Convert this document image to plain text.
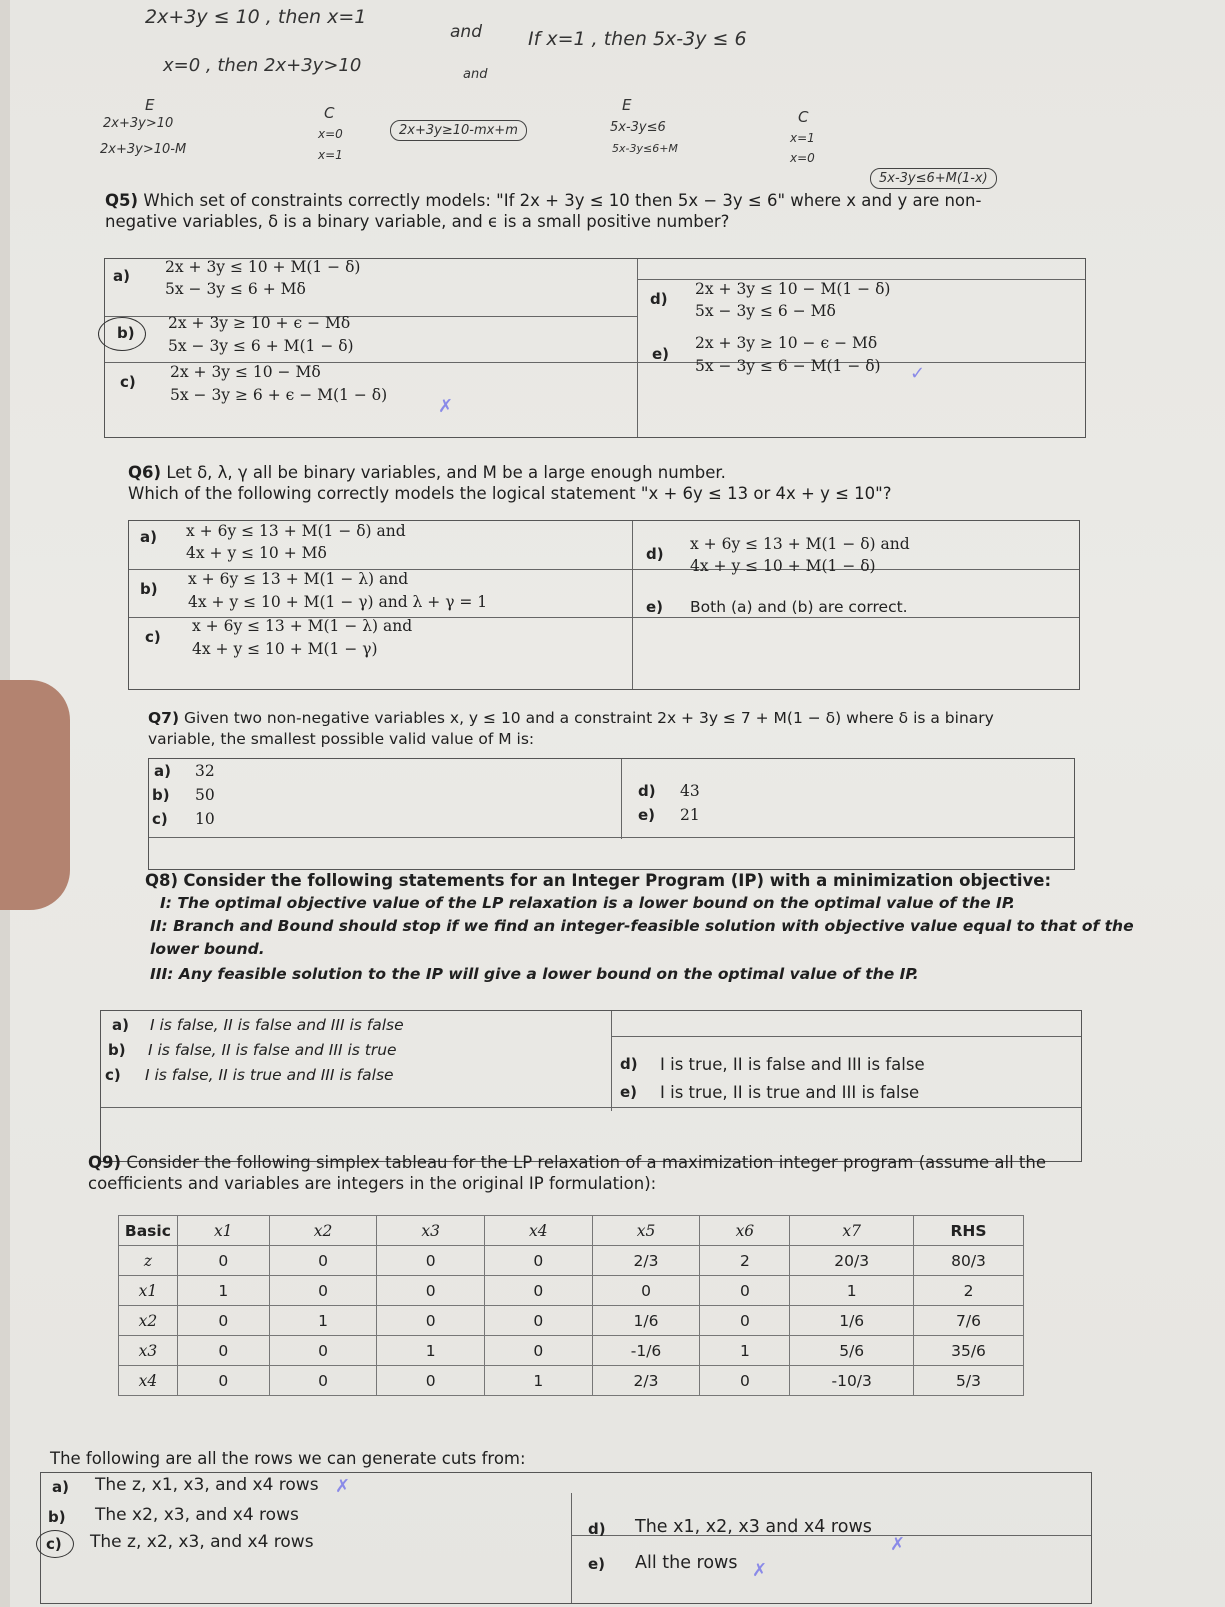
2x+3y ≤ 10 , then x=1
and If x=1 , then 5x-3y ≤ 6
x=0 , then 2x+3y>10	and
E
2x+3y>10
2x+3y>10-M
C
x=0
x=1
2x+3y≥10-mx+m
E
5x-3y≤6
5x-3y≤6+M
C
x=1
x=0
5x-3y≤6+M(1-x)
Q5) Which set of constraints correctly models: "If 2x + 3y ≤ 10 then 5x − 3y ≤ 6" where x and y are non-
negative variables, δ is a binary variable, and ϵ is a small positive number?
a) 2x + 3y ≤ 10 + M(1 − δ)
5x − 3y ≤ 6 + Mδ
b)
2x + 3y ≥ 10 + ϵ − Mδ
5x − 3y ≤ 6 + M(1 − δ)
c)
2x + 3y ≤ 10 − Mδ
5x − 3y ≥ 6 + ϵ − M(1 − δ)
✗
d)
2x + 3y ≤ 10 − M(1 − δ)
5x − 3y ≤ 6 − Mδ
e)
2x + 3y ≥ 10 − ϵ − Mδ
5x − 3y ≤ 6 − M(1 − δ) ✓
Q6) Let δ, λ, γ all be binary variables, and M be a large enough number.
Which of the following correctly models the logical statement "x + 6y ≤ 13 or 4x + y ≤ 10"?
a) x + 6y ≤ 13 + M(1 − δ) and
4x + y ≤ 10 + Mδ
b)
x + 6y ≤ 13 + M(1 − λ) and
4x + y ≤ 10 + M(1 − γ) and λ + γ = 1
c)
x + 6y ≤ 13 + M(1 − λ) and
4x + y ≤ 10 + M(1 − γ)
d)
x + 6y ≤ 13 + M(1 − δ) and
4x + y ≤ 10 + M(1 − δ)
e) Both (a) and (b) are correct.
Q7) Given two non-negative variables x, y ≤ 10 and a constraint 2x + 3y ≤ 7 + M(1 − δ) where δ is a binary
variable, the smallest possible valid value of M is:
a) 32
b) 50
c) 10
d) 43
e) 21
Q8) Consider the following statements for an Integer Program (IP) with a minimization objective:
I: The optimal objective value of the LP relaxation is a lower bound on the optimal value of the IP.
II: Branch and Bound should stop if we find an integer-feasible solution with objective value equal to that of the
lower bound.
III: Any feasible solution to the IP will give a lower bound on the optimal value of the IP.
a) I is false, II is false and III is false
b) I is false, II is false and III is true
c) I is false, II is true and III is false
d) I is true, II is false and III is false
e) I is true, II is true and III is false
Q9) Consider the following simplex tableau for the LP relaxation of a maximization integer program (assume all the
coefficients and variables are integers in the original IP formulation):
Basic	x1	x2	x3	x4	x5	x6	x7	RHS
z	0	0	0	0	2/3	2	20/3	80/3
x1	1	0	0	0	0	0	1	2
x2	0	1	0	0	1/6	0	1/6	7/6
x3	0	0	1	0	-1/6	1	5/6	35/6
x4	0	0	0	1	2/3	0	-10/3	5/3
The following are all the rows we can generate cuts from:
a) The z, x1, x3, and x4 rows ✗
b) The x2, x3, and x4 rows
c) The z, x2, x3, and x4 rows
d) The x1, x2, x3 and x4 rows
✗
e) All the rows ✗
